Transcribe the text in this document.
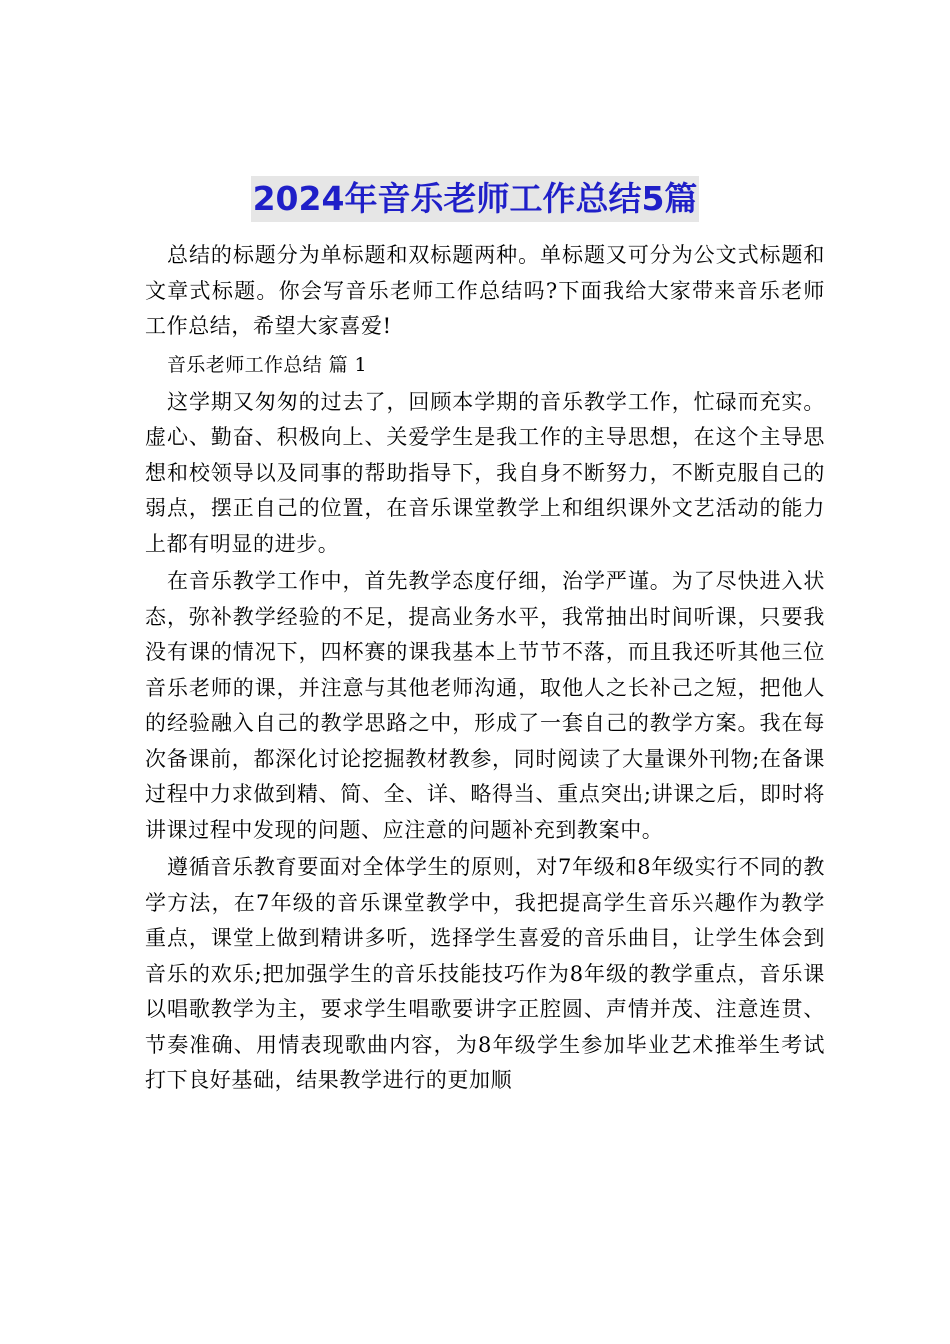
2024年音乐老师工作总结5篇

总结的标题分为单标题和双标题两种。单标题又可分为公文式标题和文章式标题。你会写音乐老师工作总结吗?下面我给大家带来音乐老师工作总结，希望大家喜爱!

音乐老师工作总结 篇 1

这学期又匆匆的过去了，回顾本学期的音乐教学工作，忙碌而充实。虚心、勤奋、积极向上、关爱学生是我工作的主导思想，在这个主导思想和校领导以及同事的帮助指导下，我自身不断努力，不断克服自己的弱点，摆正自己的位置，在音乐课堂教学上和组织课外文艺活动的能力上都有明显的进步。

在音乐教学工作中，首先教学态度仔细，治学严谨。为了尽快进入状态，弥补教学经验的不足，提高业务水平，我常抽出时间听课，只要我没有课的情况下，四杯赛的课我基本上节节不落，而且我还听其他三位音乐老师的课，并注意与其他老师沟通，取他人之长补己之短，把他人的经验融入自己的教学思路之中，形成了一套自己的教学方案。我在每次备课前，都深化讨论挖掘教材教参，同时阅读了大量课外刊物;在备课过程中力求做到精、简、全、详、略得当、重点突出;讲课之后，即时将讲课过程中发现的问题、应注意的问题补充到教案中。

遵循音乐教育要面对全体学生的原则，对7年级和8年级实行不同的教学方法，在7年级的音乐课堂教学中，我把提高学生音乐兴趣作为教学重点，课堂上做到精讲多听，选择学生喜爱的音乐曲目，让学生体会到音乐的欢乐;把加强学生的音乐技能技巧作为8年级的教学重点，音乐课以唱歌教学为主，要求学生唱歌要讲字正腔圆、声情并茂、注意连贯、节奏准确、用情表现歌曲内容，为8年级学生参加毕业艺术推举生考试打下良好基础，结果教学进行的更加顺
